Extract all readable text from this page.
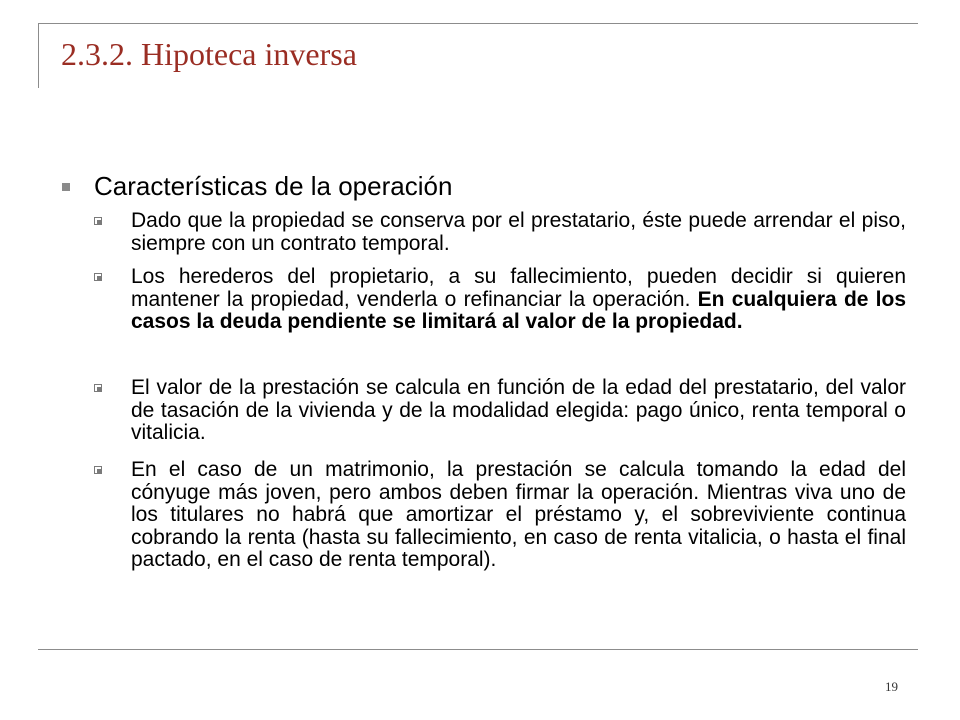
2.3.2. Hipoteca inversa
Características de la operación
Dado que la propiedad se conserva por el prestatario, éste puede arrendar el piso, siempre con un contrato temporal.
Los herederos del propietario, a su fallecimiento, pueden decidir si quieren mantener la propiedad, venderla o refinanciar la operación. En cualquiera de los casos la deuda pendiente se limitará al valor de la propiedad.
El valor de la prestación se calcula en función de la edad del prestatario, del valor de tasación de la vivienda y de la modalidad elegida: pago único, renta temporal o vitalicia.
En el caso de un matrimonio, la prestación se calcula tomando la edad del cónyuge más joven, pero ambos deben firmar la operación. Mientras viva uno de los titulares no habrá que amortizar el préstamo y, el sobreviviente continua cobrando la renta (hasta su fallecimiento, en caso de renta vitalicia, o hasta el final pactado, en el caso de renta temporal).
19
